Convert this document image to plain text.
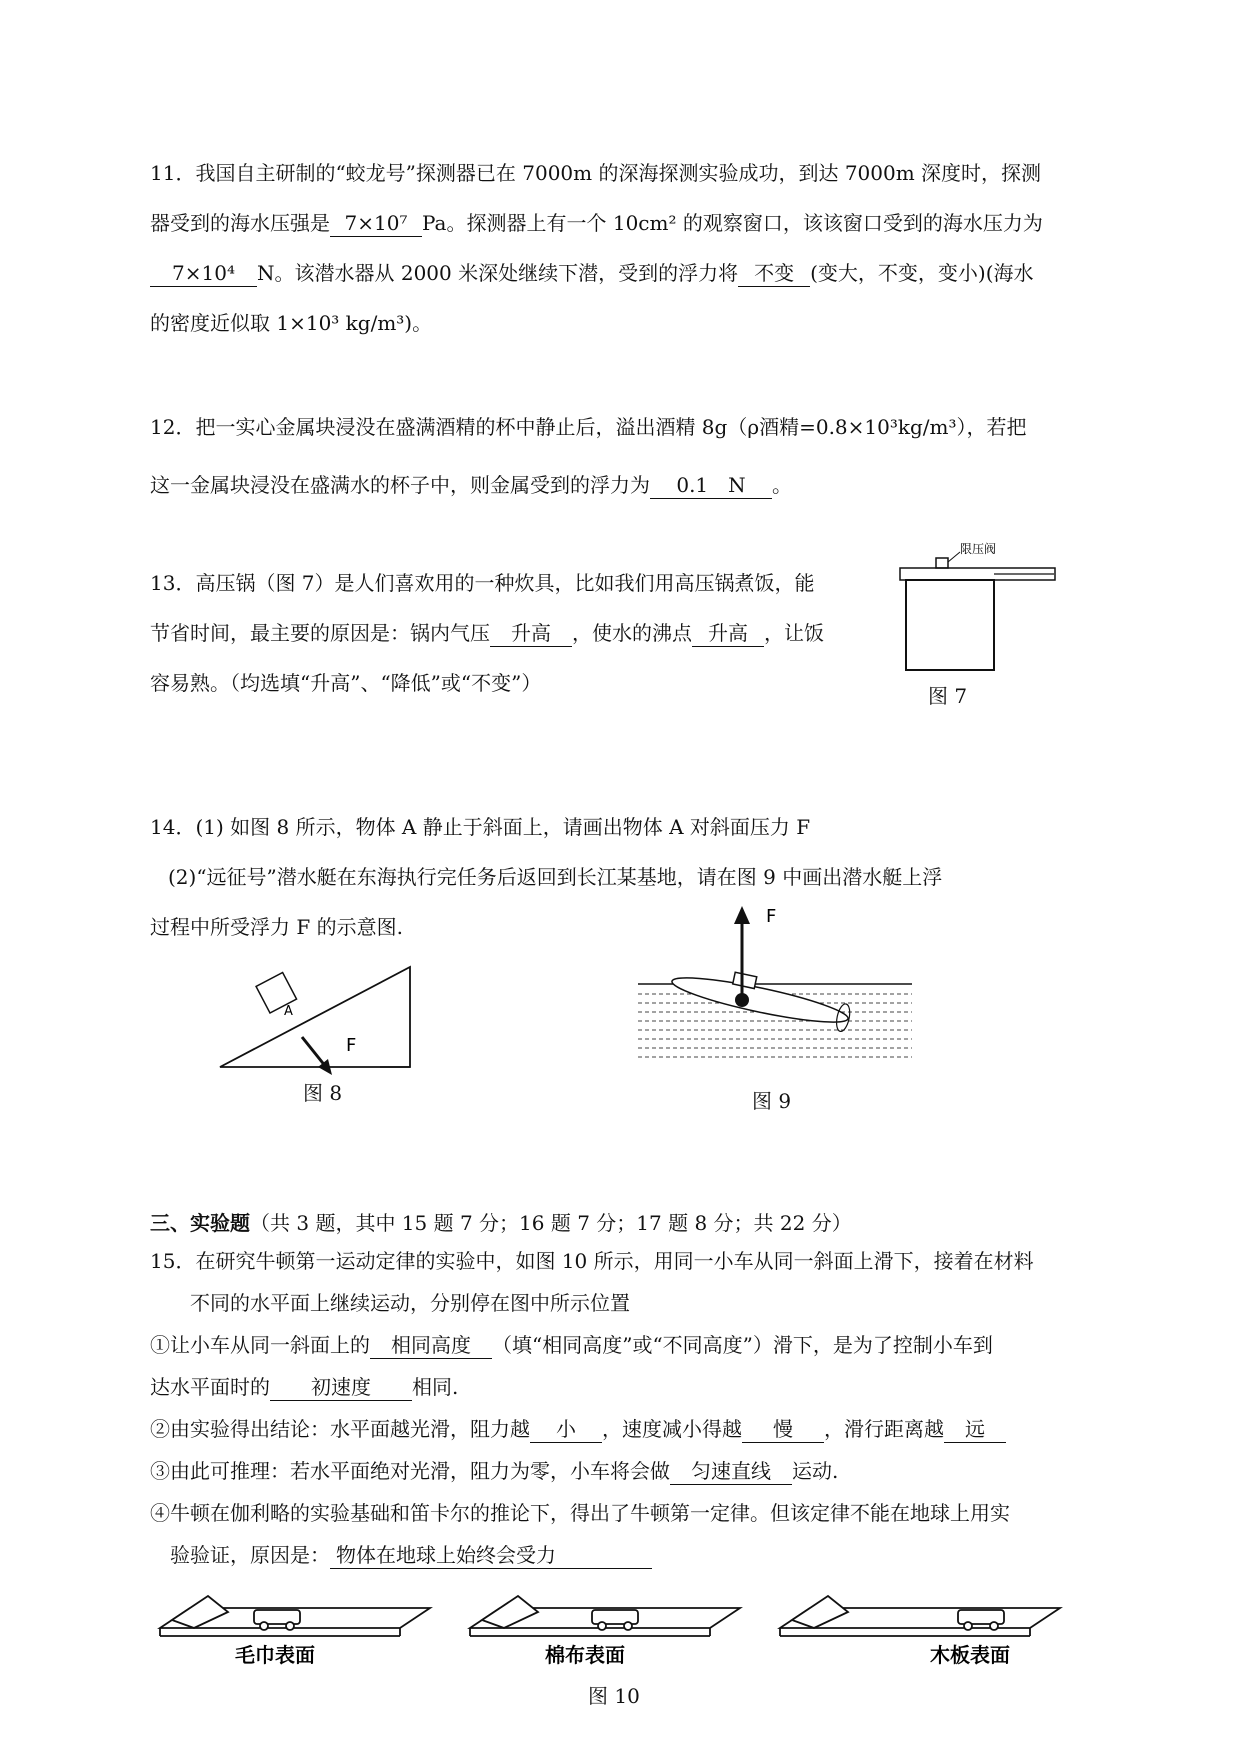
11．我国自主研制的“蛟龙号”探测器已在 7000m 的深海探测实验成功，到达 7000m 深度时，探测
器受到的海水压强是 7×10⁷ Pa。探测器上有一个 10cm² 的观察窗口，该该窗口受到的海水压力为
7×10⁴ N。该潜水器从 2000 米深处继续下潜，受到的浮力将 不变 (变大，不变，变小)(海水
的密度近似取 1×10³ kg/m³)。
12．把一实心金属块浸没在盛满酒精的杯中静止后，溢出酒精 8g（ρ酒精=0.8×10³kg/m³），若把
这一金属块浸没在盛满水的杯子中，则金属受到的浮力为 0.1　N 。
13．高压锅（图 7）是人们喜欢用的一种炊具，比如我们用高压锅煮饭，能
节省时间，最主要的原因是：锅内气压 升高 ，使水的沸点 升高 ，让饭
容易熟。（均选填“升高”、“降低”或“不变”）
限压阀
图 7
14．(1) 如图 8 所示，物体 A 静止于斜面上，请画出物体 A 对斜面压力 F
(2)“远征号”潜水艇在东海执行完任务后返回到长江某基地，请在图 9 中画出潜水艇上浮
过程中所受浮力 F 的示意图.
A
F
图 8
F
图 9
三、实验题（共 3 题，其中 15 题 7 分；16 题 7 分；17 题 8 分；共 22 分）
15．在研究牛顿第一运动定律的实验中，如图 10 所示，用同一小车从同一斜面上滑下，接着在材料
不同的水平面上继续运动，分别停在图中所示位置
①让小车从同一斜面上的 相同高度 （填“相同高度”或“不同高度”）滑下，是为了控制小车到
达水平面时的 初速度 相同.
②由实验得出结论：水平面越光滑，阻力越 小 ，速度减小得越 慢 ，滑行距离越 远
③由此可推理：若水平面绝对光滑，阻力为零，小车将会做 匀速直线 运动.
④牛顿在伽利略的实验基础和笛卡尔的推论下，得出了牛顿第一定律。但该定律不能在地球上用实
验验证，原因是： 物体在地球上始终会受力
毛巾表面	棉布表面	木板表面
图 10
